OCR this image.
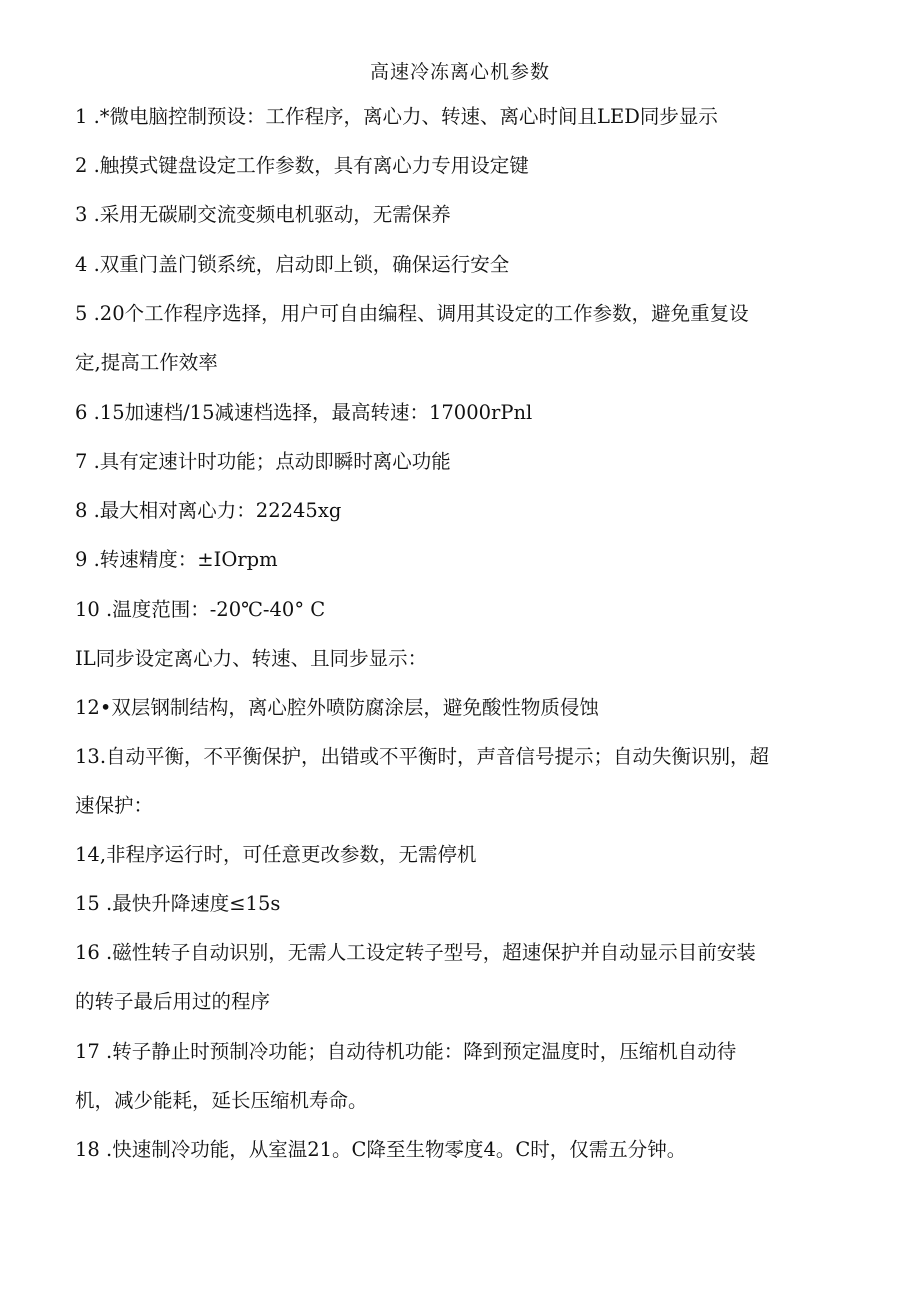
高速冷冻离心机参数
1 .*微电脑控制预设：工作程序，离心力、转速、离心时间且LED同步显示
2 .触摸式键盘设定工作参数，具有离心力专用设定键
3 .采用无碳刷交流变频电机驱动，无需保养
4 .双重门盖门锁系统，启动即上锁，确保运行安全
5 .20个工作程序选择，用户可自由编程、调用其设定的工作参数，避免重复设
定,提高工作效率
6 .15加速档/15减速档选择，最高转速：17000rPnl
7 .具有定速计时功能；点动即瞬时离心功能
8 .最大相对离心力：22245xg
9 .转速精度：±IOrpm
10 .温度范围：-20℃-40° C
IL同步设定离心力、转速、且同步显示：
12•双层钢制结构，离心腔外喷防腐涂层，避免酸性物质侵蚀
13.自动平衡，不平衡保护，出错或不平衡时，声音信号提示；自动失衡识别，超
速保护：
14,非程序运行时，可任意更改参数，无需停机
15 .最快升降速度≤15s
16 .磁性转子自动识别，无需人工设定转子型号，超速保护并自动显示目前安装
的转子最后用过的程序
17 .转子静止时预制冷功能；自动待机功能：降到预定温度时，压缩机自动待
机，减少能耗，延长压缩机寿命。
18 .快速制冷功能，从室温21。C降至生物零度4。C时，仅需五分钟。
